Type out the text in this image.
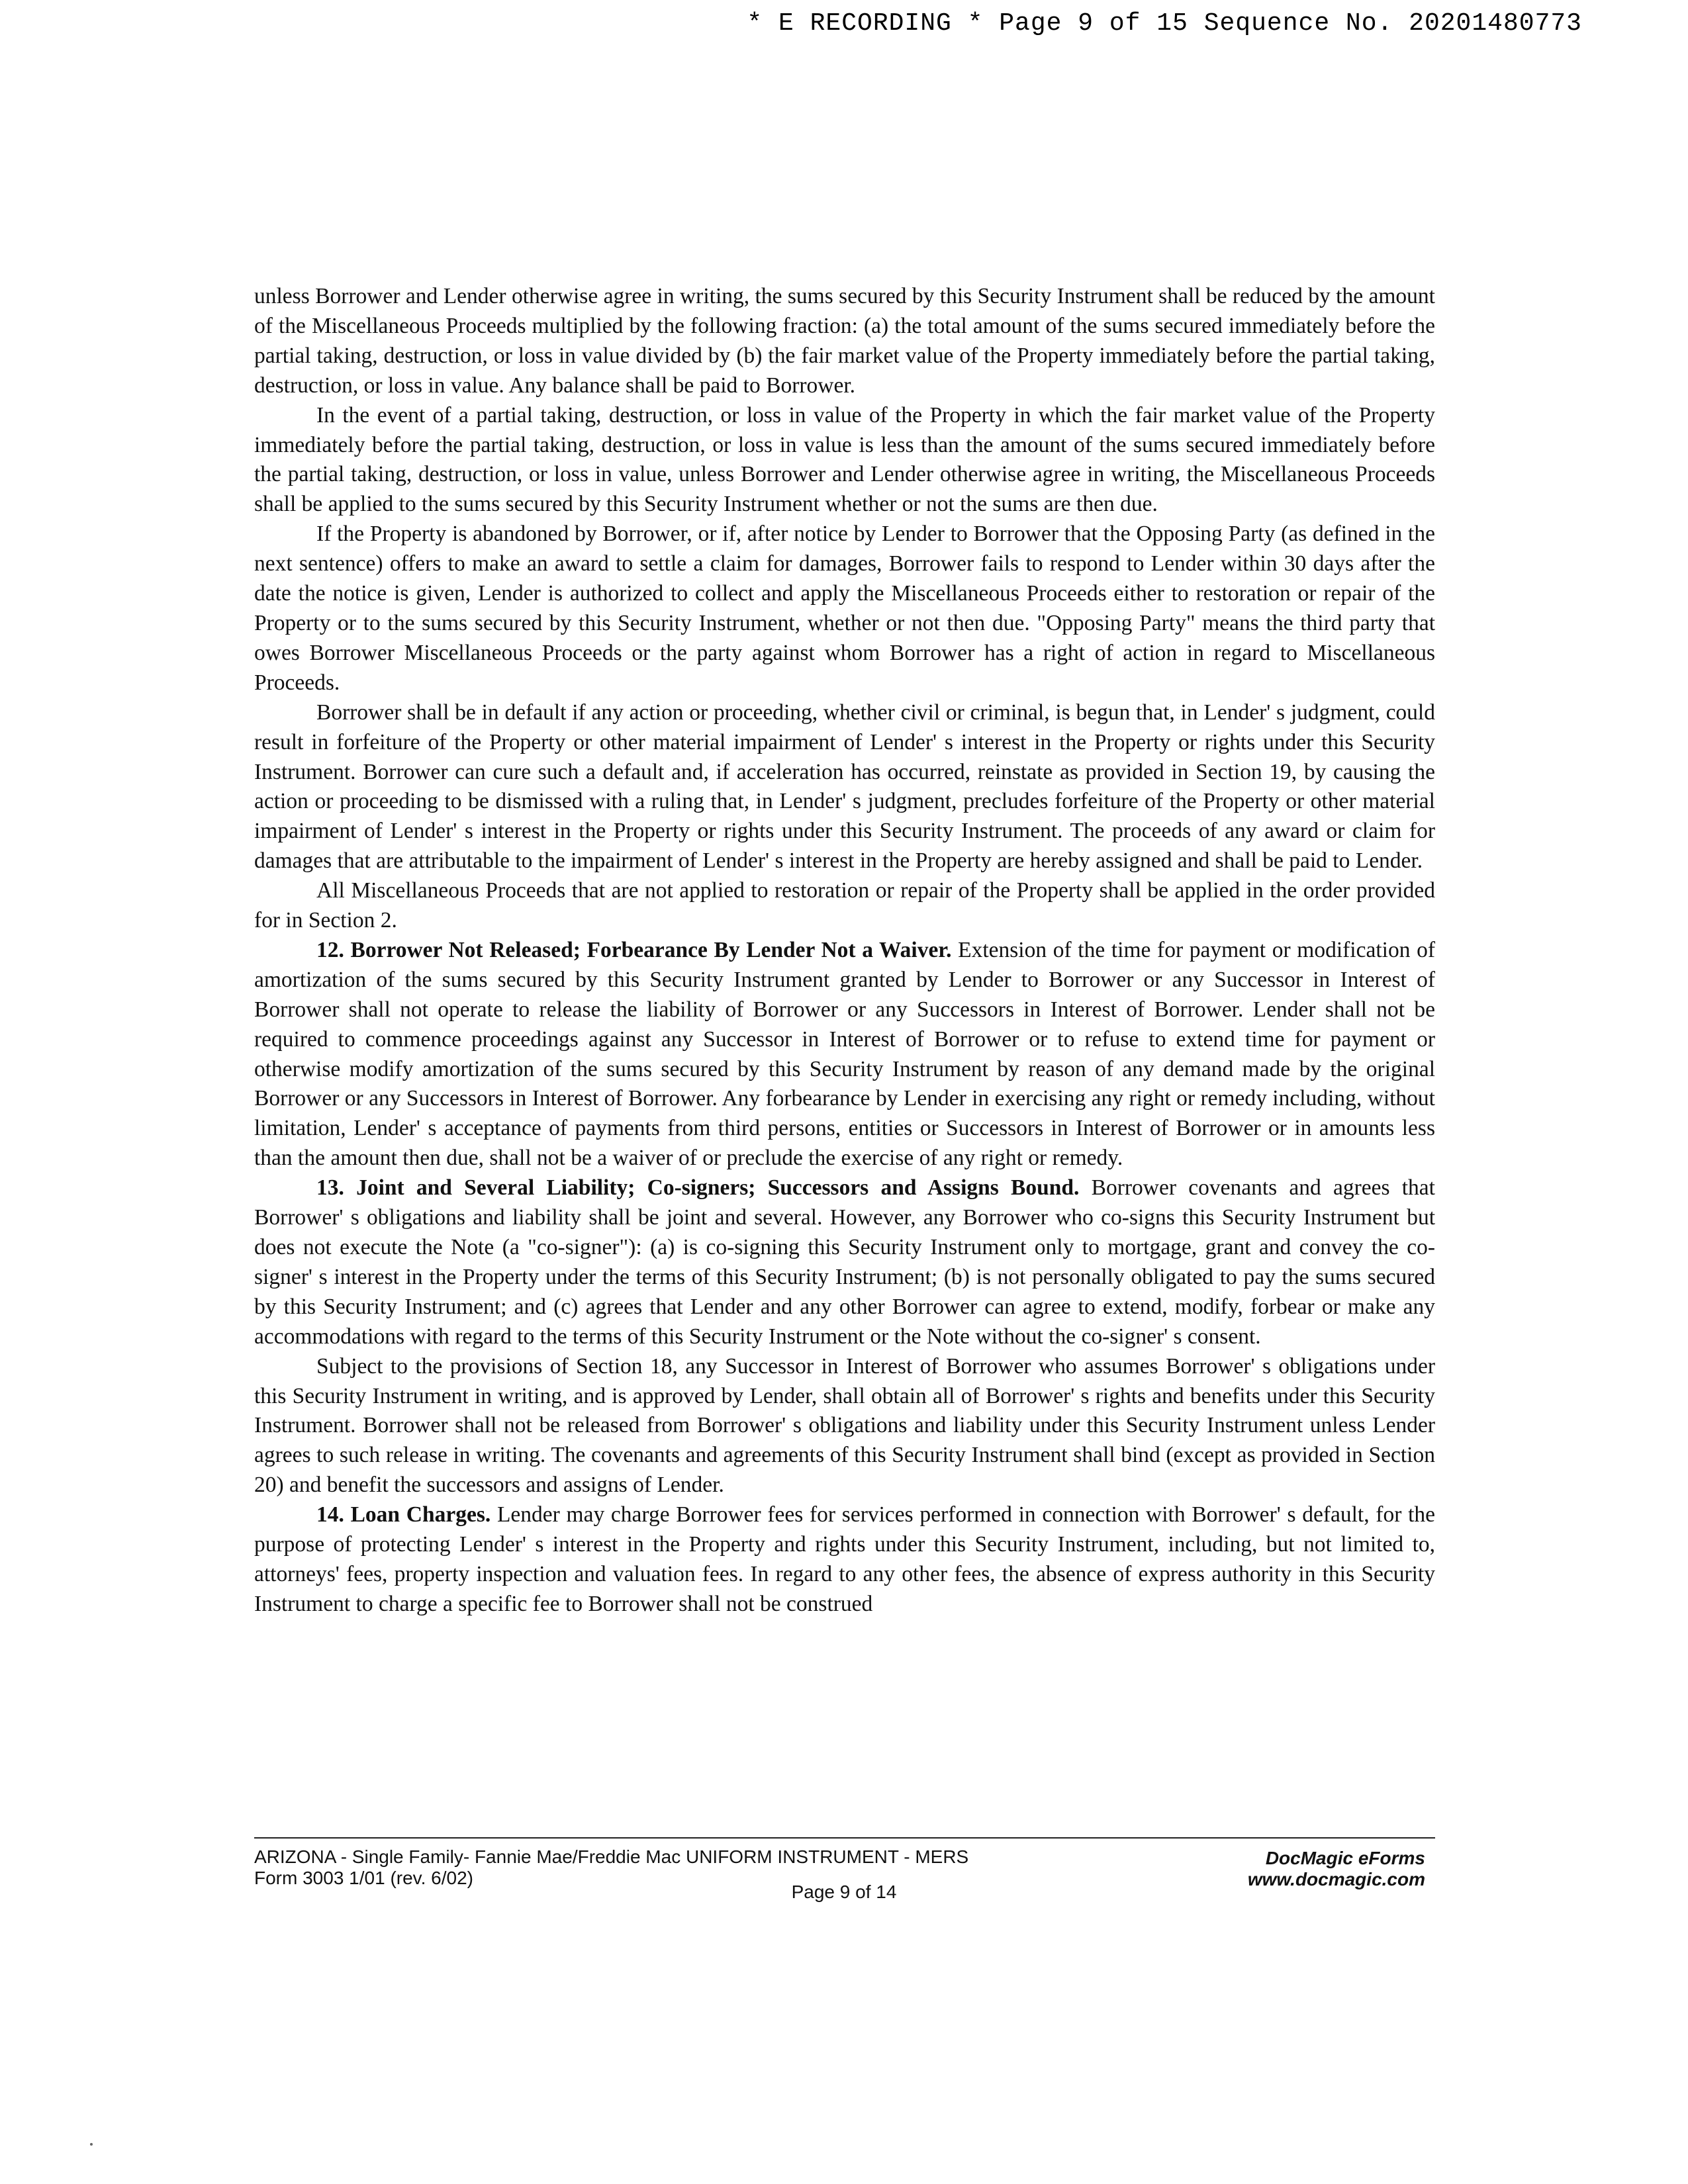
* E RECORDING * Page 9 of 15 Sequence No. 20201480773

unless Borrower and Lender otherwise agree in writing, the sums secured by this Security Instrument shall be reduced by the amount of the Miscellaneous Proceeds multiplied by the following fraction: (a) the total amount of the sums secured immediately before the partial taking, destruction, or loss in value divided by (b) the fair market value of the Property immediately before the partial taking, destruction, or loss in value. Any balance shall be paid to Borrower.

In the event of a partial taking, destruction, or loss in value of the Property in which the fair market value of the Property immediately before the partial taking, destruction, or loss in value is less than the amount of the sums secured immediately before the partial taking, destruction, or loss in value, unless Borrower and Lender otherwise agree in writing, the Miscellaneous Proceeds shall be applied to the sums secured by this Security Instrument whether or not the sums are then due.

If the Property is abandoned by Borrower, or if, after notice by Lender to Borrower that the Opposing Party (as defined in the next sentence) offers to make an award to settle a claim for damages, Borrower fails to respond to Lender within 30 days after the date the notice is given, Lender is authorized to collect and apply the Miscellaneous Proceeds either to restoration or repair of the Property or to the sums secured by this Security Instrument, whether or not then due. "Opposing Party" means the third party that owes Borrower Miscellaneous Proceeds or the party against whom Borrower has a right of action in regard to Miscellaneous Proceeds.

Borrower shall be in default if any action or proceeding, whether civil or criminal, is begun that, in Lender' s judgment, could result in forfeiture of the Property or other material impairment of Lender' s interest in the Property or rights under this Security Instrument. Borrower can cure such a default and, if acceleration has occurred, reinstate as provided in Section 19, by causing the action or proceeding to be dismissed with a ruling that, in Lender' s judgment, precludes forfeiture of the Property or other material impairment of Lender' s interest in the Property or rights under this Security Instrument. The proceeds of any award or claim for damages that are attributable to the impairment of Lender' s interest in the Property are hereby assigned and shall be paid to Lender.

All Miscellaneous Proceeds that are not applied to restoration or repair of the Property shall be applied in the order provided for in Section 2.

12. Borrower Not Released; Forbearance By Lender Not a Waiver. Extension of the time for payment or modification of amortization of the sums secured by this Security Instrument granted by Lender to Borrower or any Successor in Interest of Borrower shall not operate to release the liability of Borrower or any Successors in Interest of Borrower. Lender shall not be required to commence proceedings against any Successor in Interest of Borrower or to refuse to extend time for payment or otherwise modify amortization of the sums secured by this Security Instrument by reason of any demand made by the original Borrower or any Successors in Interest of Borrower. Any forbearance by Lender in exercising any right or remedy including, without limitation, Lender' s acceptance of payments from third persons, entities or Successors in Interest of Borrower or in amounts less than the amount then due, shall not be a waiver of or preclude the exercise of any right or remedy.

13. Joint and Several Liability; Co-signers; Successors and Assigns Bound. Borrower covenants and agrees that Borrower' s obligations and liability shall be joint and several. However, any Borrower who co-signs this Security Instrument but does not execute the Note (a "co-signer"): (a) is co-signing this Security Instrument only to mortgage, grant and convey the co-signer' s interest in the Property under the terms of this Security Instrument; (b) is not personally obligated to pay the sums secured by this Security Instrument; and (c) agrees that Lender and any other Borrower can agree to extend, modify, forbear or make any accommodations with regard to the terms of this Security Instrument or the Note without the co-signer' s consent.

Subject to the provisions of Section 18, any Successor in Interest of Borrower who assumes Borrower' s obligations under this Security Instrument in writing, and is approved by Lender, shall obtain all of Borrower' s rights and benefits under this Security Instrument. Borrower shall not be released from Borrower' s obligations and liability under this Security Instrument unless Lender agrees to such release in writing. The covenants and agreements of this Security Instrument shall bind (except as provided in Section 20) and benefit the successors and assigns of Lender.

14. Loan Charges. Lender may charge Borrower fees for services performed in connection with Borrower' s default, for the purpose of protecting Lender' s interest in the Property and rights under this Security Instrument, including, but not limited to, attorneys' fees, property inspection and valuation fees. In regard to any other fees, the absence of express authority in this Security Instrument to charge a specific fee to Borrower shall not be construed

ARIZONA - Single Family- Fannie Mae/Freddie Mac UNIFORM INSTRUMENT - MERS
Form 3003 1/01 (rev. 6/02)
DocMagic eForms
www.docmagic.com
Page 9 of 14
